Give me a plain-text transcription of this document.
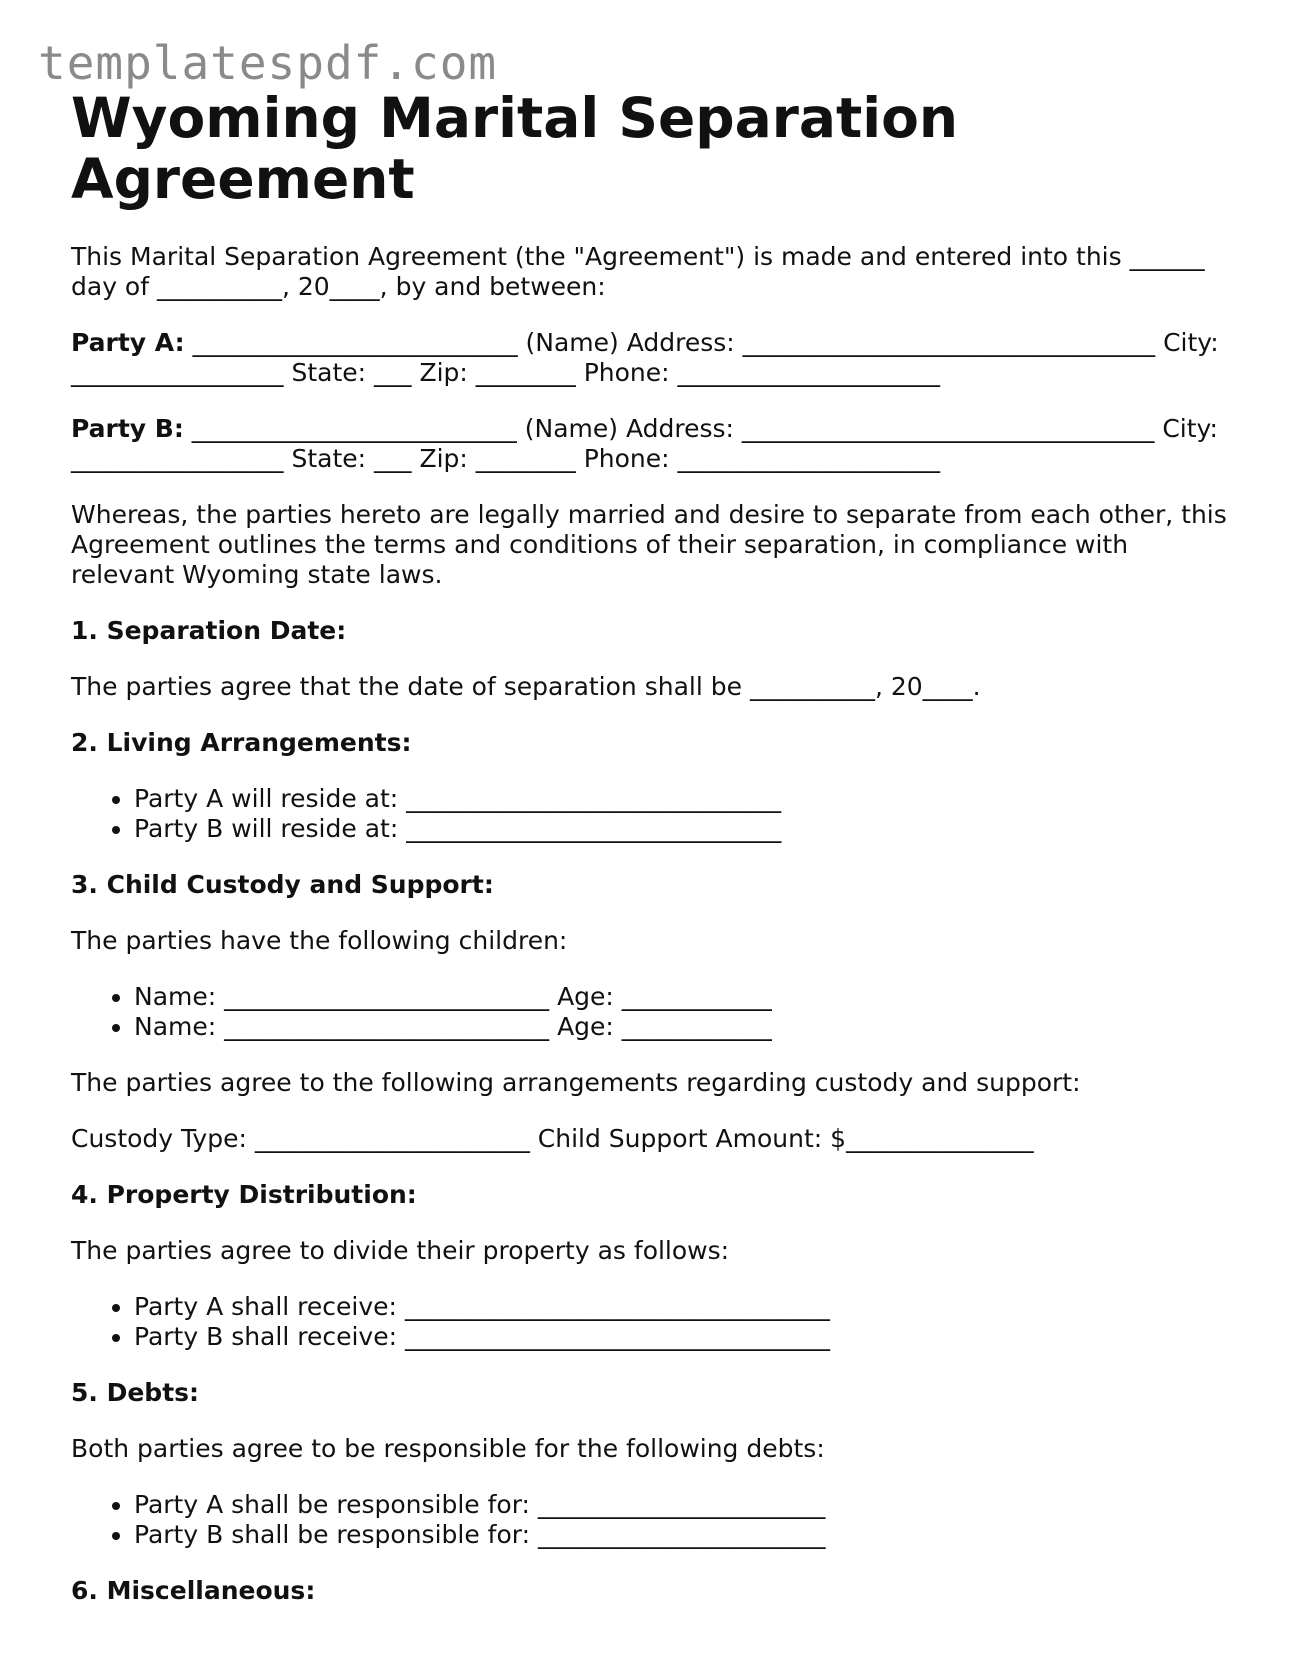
templatespdf.com
Wyoming Marital Separation Agreement

This Marital Separation Agreement (the "Agreement") is made and entered into this ______ day of __________, 20____, by and between:

Party A: __________________________ (Name) Address: _________________________________ City: _________________ State: ___ Zip: ________ Phone: _____________________

Party B: __________________________ (Name) Address: _________________________________ City: _________________ State: ___ Zip: ________ Phone: _____________________

Whereas, the parties hereto are legally married and desire to separate from each other, this Agreement outlines the terms and conditions of their separation, in compliance with relevant Wyoming state laws.

1. Separation Date:

The parties agree that the date of separation shall be __________, 20____.

2. Living Arrangements:
• Party A will reside at: ______________________________
• Party B will reside at: ______________________________
3. Child Custody and Support:

The parties have the following children:

• Name: __________________________ Age: ____________
• Name: __________________________ Age: ____________

The parties agree to the following arrangements regarding custody and support:

Custody Type: ______________________ Child Support Amount: $_______________

4. Property Distribution:

The parties agree to divide their property as follows:

• Party A shall receive: __________________________________
• Party B shall receive: __________________________________
5. Debts:

Both parties agree to be responsible for the following debts:

• Party A shall be responsible for: _______________________
• Party B shall be responsible for: _______________________
6. Miscellaneous:
